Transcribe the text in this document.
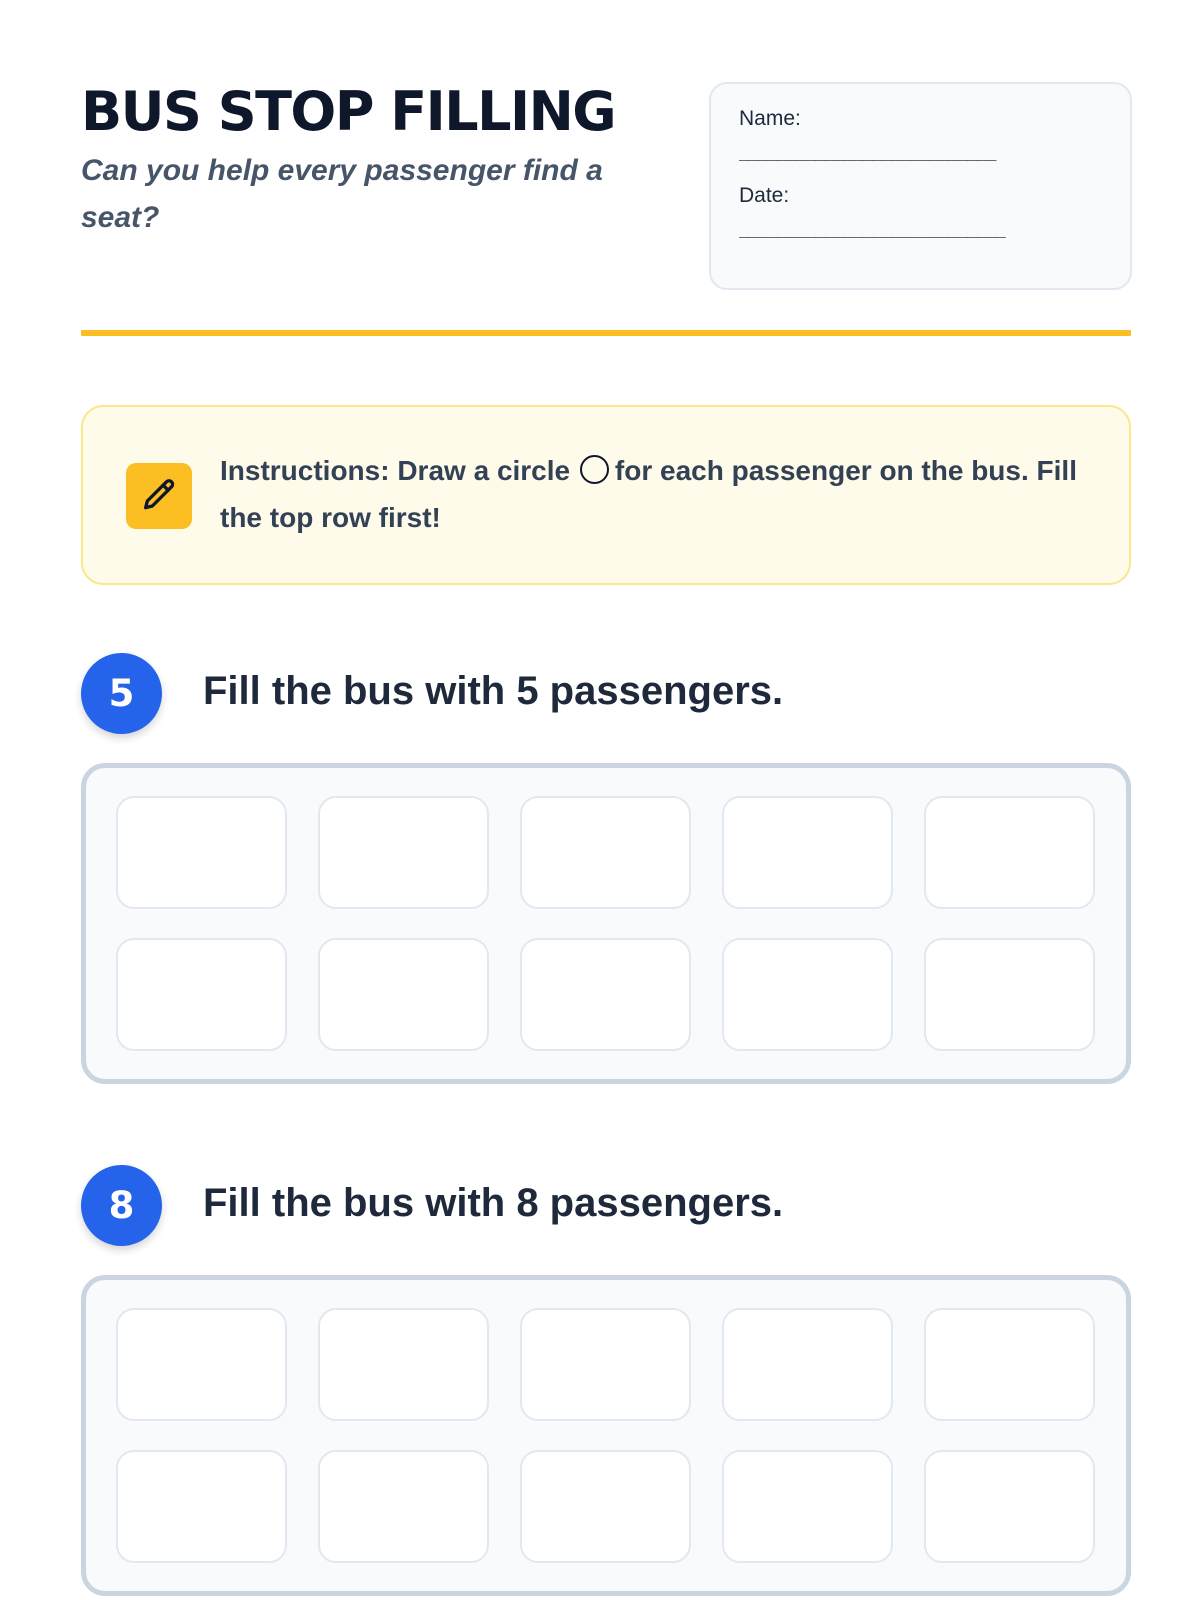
BUS STOP FILLING

Can you help every passenger find a seat?

Name:
___________________________
Date:
____________________________

Instructions: Draw a circle for each passenger on the bus. Fill the top row first!

5	Fill the bus with 5 passengers.
8	Fill the bus with 8 passengers.
